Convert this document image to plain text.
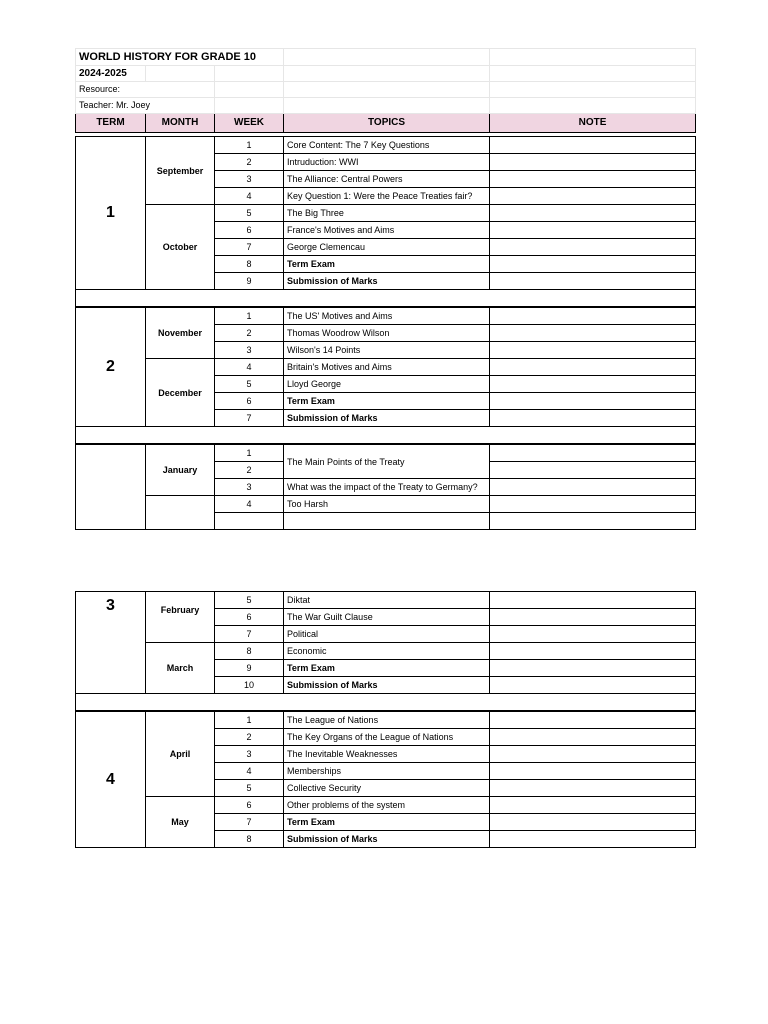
WORLD HISTORY FOR GRADE 10				
2024-2025				
Resource:				
Teacher: Mr. Joey				
TERM	MONTH	WEEK	TOPICS	NOTE

1	September	1	Core Content: The 7 Key Questions	
		2	Intruduction: WWI	
		3	The Alliance: Central Powers	
		4	Key Question 1: Were the Peace Treaties fair?	
	October	5	The Big Three	
		6	France's Motives and Aims	
		7	George Clemencau	
		8	Term Exam	
		9	Submission of Marks	

2	November	1	The US' Motives and Aims	
		2	Thomas Woodrow Wilson	
		3	Wilson's 14 Points	
	December	4	Britain's Motives and Aims	
		5	Lloyd George	
		6	Term Exam	
		7	Submission of Marks	

	January	1	The Main Points of the Treaty	
		2		
		3	What was the impact of the Treaty to Germany?	
		4	Too Harsh	

3	February	5	Diktat	
		6	The War Guilt Clause	
		7	Political	
	March	8	Economic	
		9	Term Exam	
		10	Submission of Marks	

4	April	1	The League of Nations	
		2	The Key Organs of the League of Nations	
		3	The Inevitable Weaknesses	
		4	Memberships	
		5	Collective Security	
	May	6	Other problems of the system	
		7	Term Exam	
		8	Submission of Marks	
